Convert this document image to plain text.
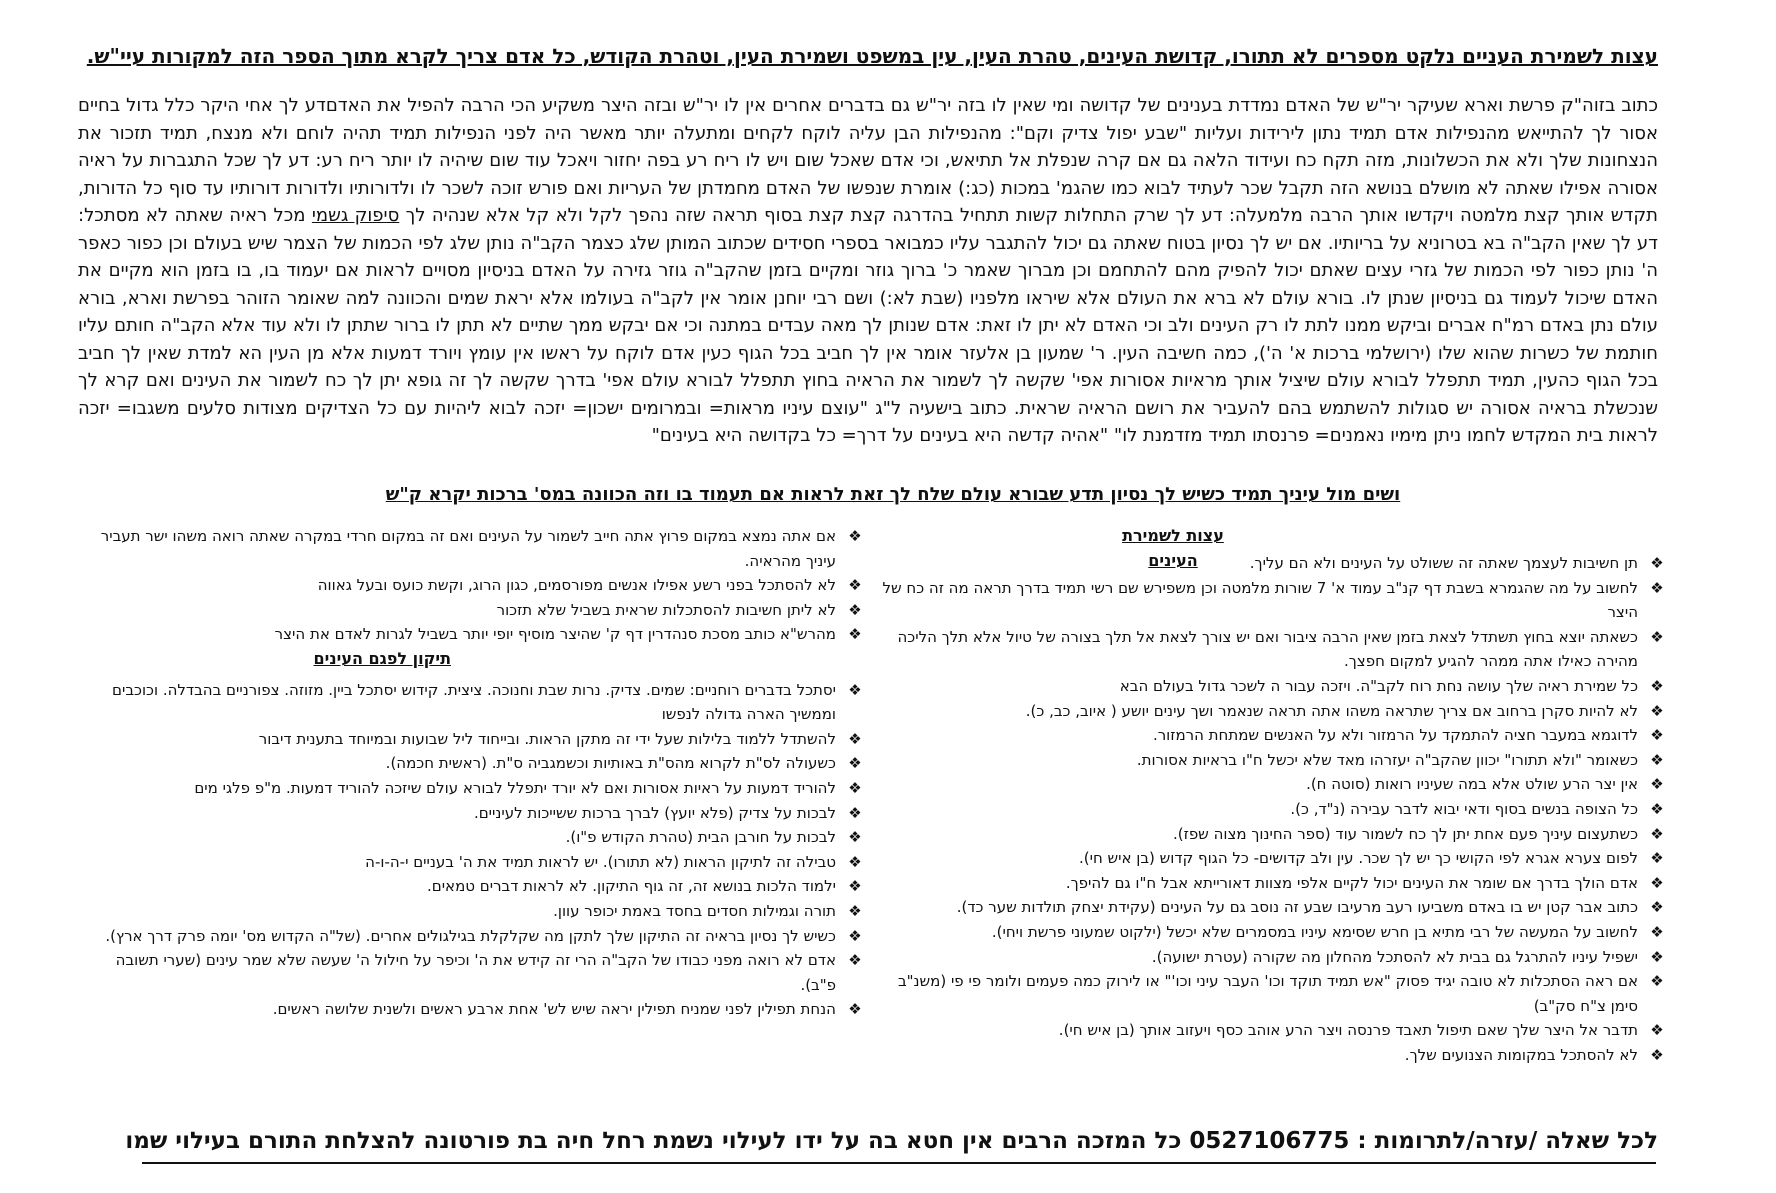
עצות לשמירת העניים נלקט מספרים לא תתורו, קדושת העינים, טהרת העין, עין במשפט ושמירת העין, וטהרת הקודש, כל אדם צריך לקרא מתוך הספר הזה למקורות עיי"ש.
כתוב בזוה"ק פרשת וארא שעיקר יר"ש של האדם נמדדת בענינים של קדושה ומי שאין לו בזה יר"ש גם בדברים אחרים אין לו יר"ש ובזה היצר משקיע הכי הרבה להפיל את האדםדע לך אחי היקר כלל גדול בחיים אסור לך להתייאש מהנפילות אדם תמיד נתון לירידות ועליות "שבע יפול צדיק וקם": מהנפילות הבן עליה לוקח לקחים ומתעלה יותר מאשר היה לפני הנפילות תמיד תהיה לוחם ולא מנצח, תמיד תזכור את הנצחונות שלך ולא את הכשלונות, מזה תקח כח ועידוד הלאה גם אם קרה שנפלת אל תתיאש, וכי אדם שאכל שום ויש לו ריח רע בפה יחזור ויאכל עוד שום שיהיה לו יותר ריח רע: דע לך שכל התגברות על ראיה אסורה אפילו שאתה לא מושלם בנושא הזה תקבל שכר לעתיד לבוא כמו שהגמ' במכות (כג:) אומרת שנפשו של האדם מחמדתן של העריות ואם פורש זוכה לשכר לו ולדורותיו ולדורות דורותיו עד סוף כל הדורות, תקדש אותך קצת מלמטה ויקדשו אותך הרבה מלמעלה: דע לך שרק התחלות קשות תתחיל בהדרגה קצת קצת בסוף תראה שזה נהפך לקל ולא קל אלא שנהיה לך סיפוק גשמי מכל ראיה שאתה לא מסתכל: דע לך שאין הקב"ה בא בטרוניא על בריותיו. אם יש לך נסיון בטוח שאתה גם יכול להתגבר עליו כמבואר בספרי חסידים שכתוב המותן שלג כצמר הקב"ה נותן שלג לפי הכמות של הצמר שיש בעולם וכן כפור כאפר ה' נותן כפור לפי הכמות של גזרי עצים שאתם יכול להפיק מהם להתחמם וכן מברוך שאמר כ' ברוך גוזר ומקיים בזמן שהקב"ה גוזר גזירה על האדם בניסיון מסויים לראות אם יעמוד בו, בו בזמן הוא מקיים את האדם שיכול לעמוד גם בניסיון שנתן לו. בורא עולם לא ברא את העולם אלא שיראו מלפניו (שבת לא:) ושם רבי יוחנן אומר אין לקב"ה בעולמו אלא יראת שמים והכוונה למה שאומר הזוהר בפרשת וארא, בורא עולם נתן באדם רמ"ח אברים וביקש ממנו לתת לו רק העינים ולב וכי האדם לא יתן לו זאת: אדם שנותן לך מאה עבדים במתנה וכי אם יבקש ממך שתיים לא תתן לו ברור שתתן לו ולא עוד אלא הקב"ה חותם עליו חותמת של כשרות שהוא שלו (ירושלמי ברכות א' ה'), כמה חשיבה העין. ר' שמעון בן אלעזר אומר אין לך חביב בכל הגוף כעין אדם לוקח על ראשו אין עומץ ויורד דמעות אלא מן העין הא למדת שאין לך חביב בכל הגוף כהעין, תמיד תתפלל לבורא עולם שיציל אותך מראיות אסורות אפי' שקשה לך לשמור את הראיה בחוץ תתפלל לבורא עולם אפי' בדרך שקשה לך זה גופא יתן לך כח לשמור את העינים ואם קרא לך שנכשלת בראיה אסורה יש סגולות להשתמש בהם להעביר את רושם הראיה שראית. כתוב בישעיה ל"ג "עוצם עיניו מראות= ובמרומים ישכון= יזכה לבוא ליהיות עם כל הצדיקים מצודות סלעים משגבו= יזכה לראות בית המקדש לחמו ניתן מימיו נאמנים= פרנסתו תמיד מזדמנת לו" "אהיה קדשה היא בעינים על דרך= כל בקדושה היא בעינים"
ושים מול עיניך תמיד כשיש לך נסיון תדע שבורא עולם שלח לך זאת לראות אם תעמוד בו וזה הכוונה במס' ברכות יקרא ק"ש
עצות לשמירת העינים	❖
תן חשיבות לעצמך שאתה זה ששולט על העינים ולא הם עליך.
❖
לחשוב על מה שהגמרא בשבת דף קנ"ב עמוד א' 7 שורות מלמטה וכן משפירש שם רשי תמיד בדרך תראה מה זה כח של היצר
❖
כשאתה יוצא בחוץ תשתדל לצאת בזמן שאין הרבה ציבור ואם יש צורך לצאת אל תלך בצורה של טיול אלא תלך הליכה מהירה כאילו אתה ממהר להגיע למקום חפצך.
❖
כל שמירת ראיה שלך עושה נחת רוח לקב"ה. ויזכה עבור ה לשכר גדול בעולם הבא
❖
לא להיות סקרן ברחוב אם צריך שתראה משהו אתה תראה שנאמר ושך עינים יושע ( איוב, כב, כ).
❖
לדוגמא במעבר חציה להתמקד על הרמזור ולא על האנשים שמתחת הרמזור.
❖
כשאומר "ולא תתורו" יכוון שהקב"ה יעזרהו מאד שלא יכשל ח"ו בראיות אסורות.
❖
אין יצר הרע שולט אלא במה שעיניו רואות (סוטה ח).
❖
כל הצופה בנשים בסוף ודאי יבוא לדבר עבירה (נ"ד, כ).
❖
כשתעצום עיניך פעם אחת יתן לך כח לשמור עוד (ספר החינוך מצוה שפז).
❖
לפום צערא אגרא לפי הקושי כך יש לך שכר. עין ולב קדושים- כל הגוף קדוש (בן איש חי).
❖
אדם הולך בדרך אם שומר את העינים יכול לקיים אלפי מצוות דאורייתא אבל ח"ו גם להיפך.
❖
כתוב אבר קטן יש בו באדם משביעו רעב מרעיבו שבע זה נוסב גם על העינים (עקידת יצחק תולדות שער כד).
❖
לחשוב על המעשה של רבי מתיא בן חרש שסימא עיניו במסמרים שלא יכשל (ילקוט שמעוני פרשת ויחי).
❖
ישפיל עיניו להתרגל גם בבית לא להסתכל מהחלון מה שקורה (עטרת ישועה).
❖
אם ראה הסתכלות לא טובה יגיד פסוק "אש תמיד תוקד וכו' העבר עיני וכו'" או לירוק כמה פעמים ולומר פי פי (משנ"ב סימן צ"ח סק"ב)
❖
תדבר אל היצר שלך שאם תיפול תאבד פרנסה ויצר הרע אוהב כסף ויעזוב אותך (בן איש חי).
❖
לא להסתכל במקומות הצנועים שלך.
❖
אם אתה נמצא במקום פרוץ אתה חייב לשמור על העינים ואם זה במקום חרדי במקרה שאתה רואה משהו ישר תעביר עיניך מהראיה.
❖
לא להסתכל בפני רשע אפילו אנשים מפורסמים, כגון הרוג, וקשת כועס ובעל גאווה
❖
לא ליתן חשיבות להסתכלות שראית בשביל שלא תזכור
❖
מהרש"א כותב מסכת סנהדרין דף ק' שהיצר מוסיף יופי יותר בשביל לגרות לאדם את היצר
תיקון לפגם העינים
❖
יסתכל בדברים רוחניים: שמים. צדיק. נרות שבת וחנוכה. ציצית. קידוש יסתכל ביין. מזוזה. צפורניים בהבדלה. וכוכבים וממשיך הארה גדולה לנפשו
❖
להשתדל ללמוד בלילות שעל ידי זה מתקן הראות. ובייחוד ליל שבועות ובמיוחד בתענית דיבור
❖
כשעולה לס"ת לקרוא מהס"ת באותיות וכשמגביה ס"ת. (ראשית חכמה).
❖
להוריד דמעות על ראיות אסורות ואם לא יורד יתפלל לבורא עולם שיזכה להוריד דמעות. מ"פ פלגי מים
❖
לבכות על צדיק (פלא יועץ) לברך ברכות ששייכות לעיניים.
❖
לבכות על חורבן הבית (טהרת הקודש פ"ו).
❖
טבילה זה לתיקון הראות (לא תתורו). יש לראות תמיד את ה' בעניים י-ה-ו-ה
❖
ילמוד הלכות בנושא זה, זה גוף התיקון. לא לראות דברים טמאים.
❖
תורה וגמילות חסדים בחסד באמת יכופר עוון.
❖
כשיש לך נסיון בראיה זה התיקון שלך לתקן מה שקלקלת בגילגולים אחרים. (של"ה הקדוש מס' יומה פרק דרך ארץ).
❖
אדם לא רואה מפני כבודו של הקב"ה הרי זה קידש את ה' וכיפר על חילול ה' שעשה שלא שמר עינים (שערי תשובה פ"ב).
❖
הנחת תפילין לפני שמניח תפילין יראה שיש לש' אחת ארבע ראשים ולשנית שלושה ראשים.
לכל שאלה /עזרה/לתרומות : 0527106775 כל המזכה הרבים אין חטא בה על ידו לעילוי נשמת רחל חיה בת פורטונה להצלחת התורם בעילוי שמו
